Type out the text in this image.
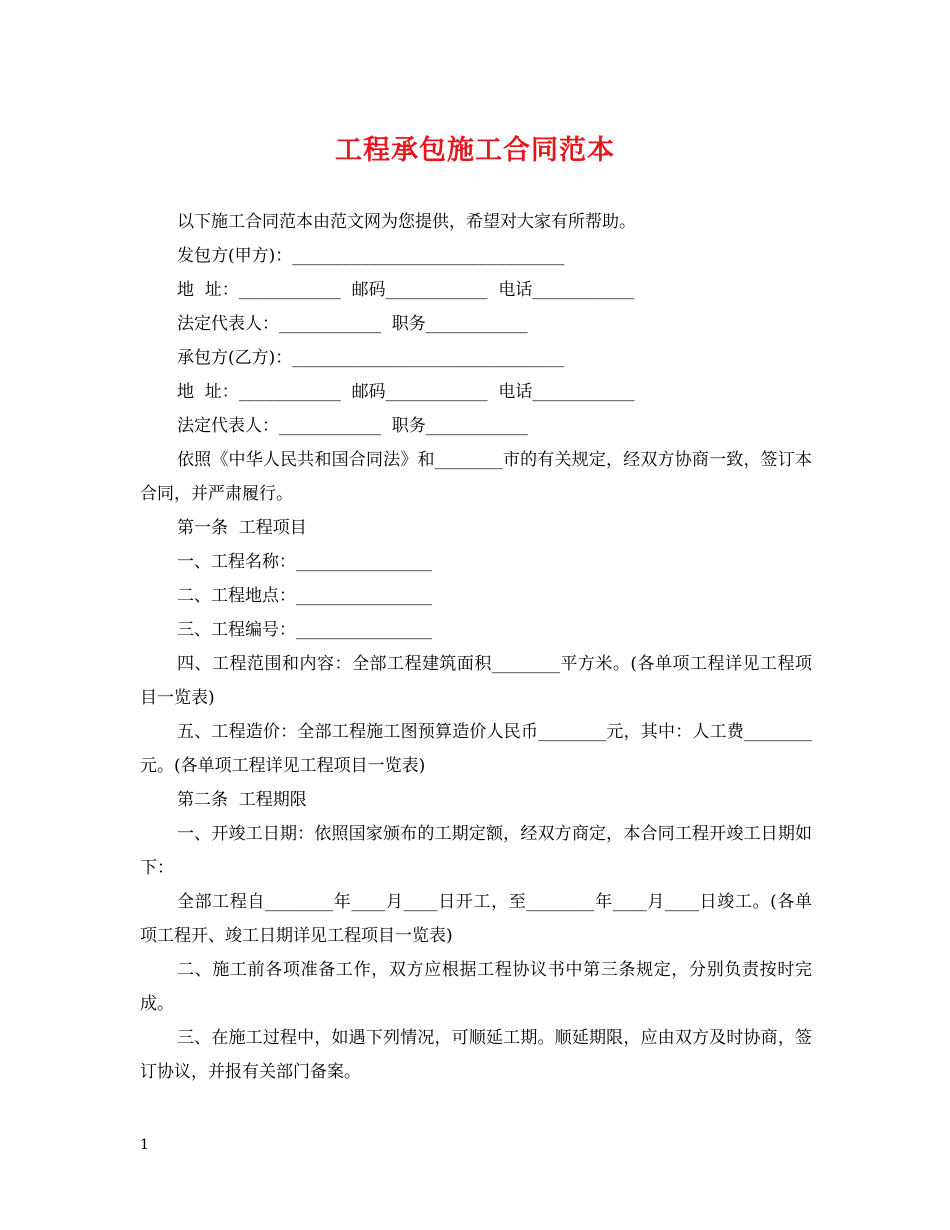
工程承包施工合同范本

以下施工合同范本由范文网为您提供，希望对大家有所帮助。

发包方(甲方)：________________________________

地  址：____________  邮码____________  电话____________

法定代表人：____________  职务____________

承包方(乙方)：________________________________

地  址：____________  邮码____________  电话____________

法定代表人：____________  职务____________

依照《中华人民共和国合同法》和________市的有关规定，经双方协商一致，签订本合同，并严肃履行。

第一条  工程项目

一、工程名称：________________

二、工程地点：________________

三、工程编号：________________

四、工程范围和内容：全部工程建筑面积________平方米。(各单项工程详见工程项目一览表)

五、工程造价：全部工程施工图预算造价人民币________元，其中：人工费________元。(各单项工程详见工程项目一览表)

第二条  工程期限

一、开竣工日期：依照国家颁布的工期定额，经双方商定，本合同工程开竣工日期如下：

全部工程自________年____月____日开工，至________年____月____日竣工。(各单项工程开、竣工日期详见工程项目一览表)

二、施工前各项准备工作，双方应根据工程协议书中第三条规定，分别负责按时完成。

三、在施工过程中，如遇下列情况，可顺延工期。顺延期限，应由双方及时协商，签订协议，并报有关部门备案。

1
